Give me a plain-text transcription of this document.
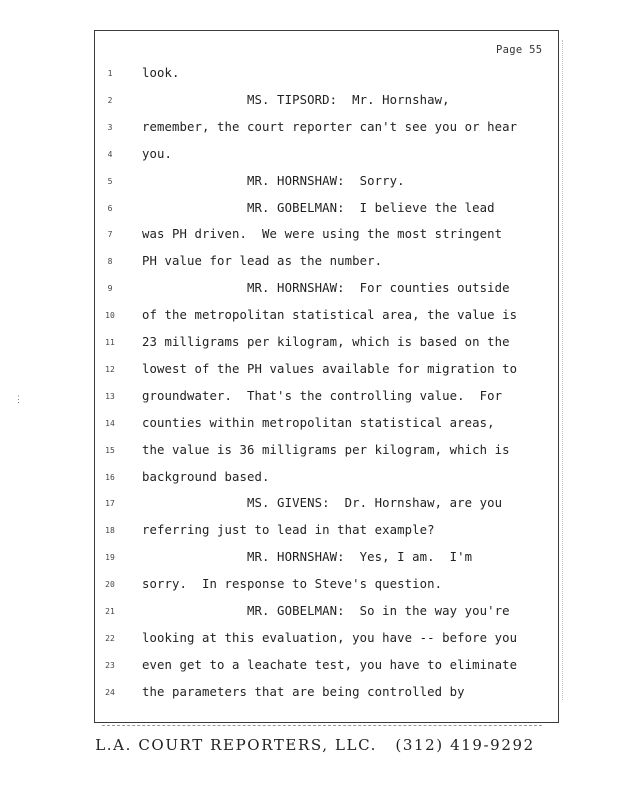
⋮
Page 55
1	look.
2	MS. TIPSORD:  Mr. Hornshaw,
3	remember, the court reporter can't see you or hear
4	you.
5	MR. HORNSHAW:  Sorry.
6	MR. GOBELMAN:  I believe the lead
7	was PH driven.  We were using the most stringent
8	PH value for lead as the number.
9	MR. HORNSHAW:  For counties outside
10	of the metropolitan statistical area, the value is
11	23 milligrams per kilogram, which is based on the
12	lowest of the PH values available for migration to
13	groundwater.  That's the controlling value.  For
14	counties within metropolitan statistical areas,
15	the value is 36 milligrams per kilogram, which is
16	background based.
17	MS. GIVENS:  Dr. Hornshaw, are you
18	referring just to lead in that example?
19	MR. HORNSHAW:  Yes, I am.  I'm
20	sorry.  In response to Steve's question.
21	MR. GOBELMAN:  So in the way you're
22	looking at this evaluation, you have -- before you
23	even get to a leachate test, you have to eliminate
24	the parameters that are being controlled by
L.A. COURT REPORTERS, LLC. (312) 419-9292
